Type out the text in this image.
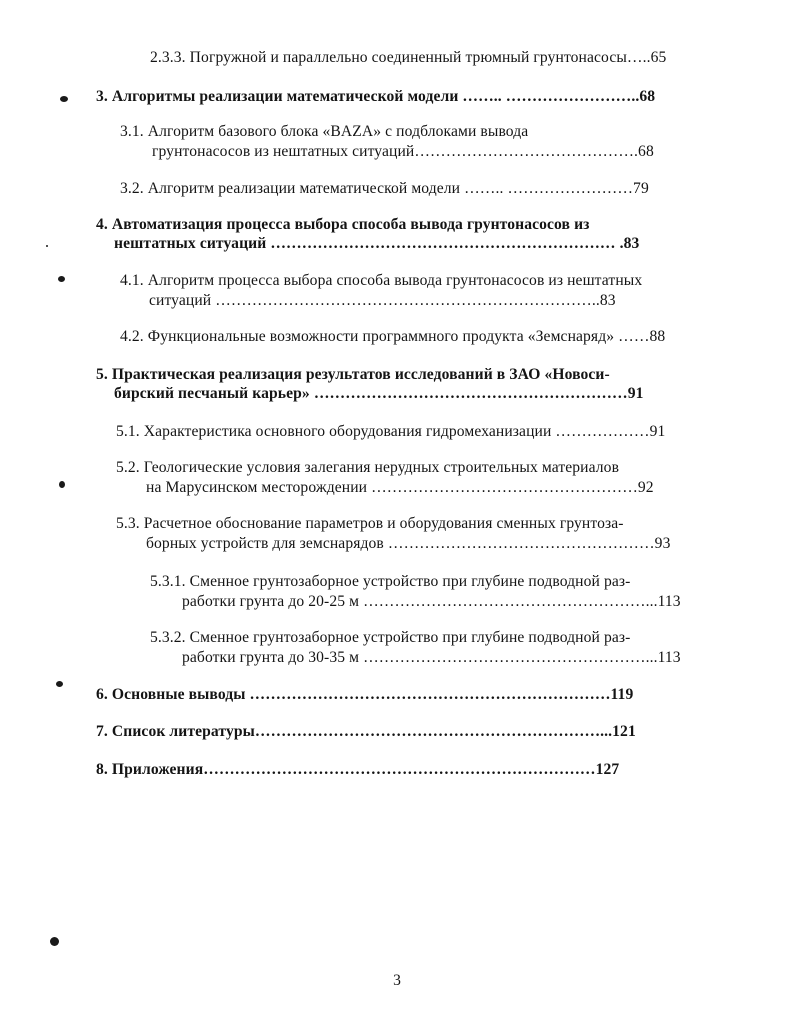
2.3.3. Погружной и параллельно соединенный трюмный грунтонасосы…..65
3. Алгоритмы реализации математической модели …….. ……………………..68
3.1. Алгоритм базового блока «BAZA» с подблоками вывода
грунтонасосов из нештатных ситуаций…………………………………….68
3.2. Алгоритм реализации математической модели …….. ……………………79
4. Автоматизация процесса выбора способа вывода грунтонасосов из
нештатных ситуаций ………………………………………………………… .83
4.1. Алгоритм процесса выбора способа вывода грунтонасосов из нештатных
ситуаций ………………………………………………………………..83
4.2. Функциональные возможности программного продукта «Земснаряд» ……88
5. Практическая реализация результатов исследований в ЗАО «Новоси-
бирский песчаный карьер» ……………………………………………………91
5.1. Характеристика основного оборудования гидромеханизации ………………91
5.2. Геологические условия залегания нерудных строительных материалов
на Марусинском месторождении ……………………………………………92
5.3. Расчетное обоснование параметров и оборудования сменных грунтоза-
борных устройств для земснарядов ……………………………………………93
5.3.1. Сменное грунтозаборное устройство при глубине подводной раз-
работки грунта до 20-25 м ………………………………………………...113
5.3.2. Сменное грунтозаборное устройство при глубине подводной раз-
работки грунта до 30-35 м ………………………………………………...113
6. Основные выводы ……………………………………………………………119
7. Список литературы…………………………………………………………...121
8. Приложения…………………………………………………………………127
3
